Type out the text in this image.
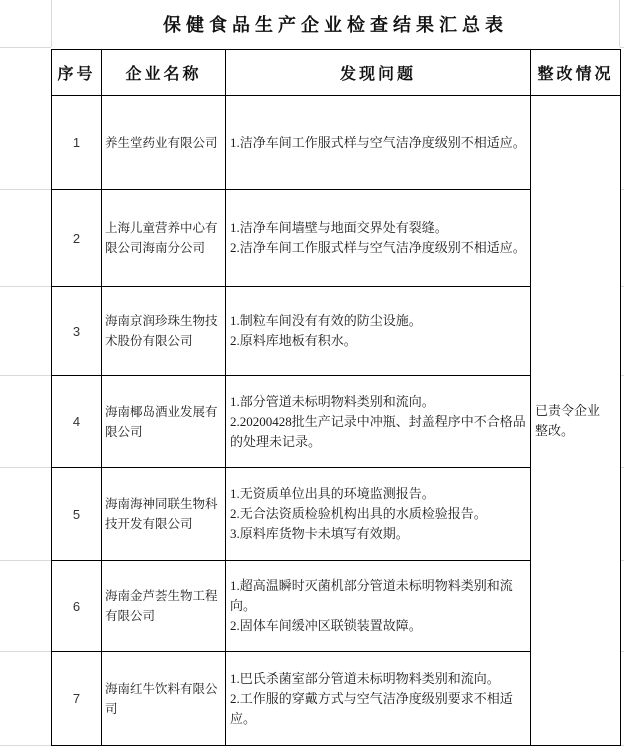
保健食品生产企业检查结果汇总表
序号	企业名称	发现问题	整改情况
1	养生堂药业有限公司	1.洁净车间工作服式样与空气洁净度级别不相适应。	已责令企业整改。
2	上海儿童营养中心有限公司海南分公司	1.洁净车间墙壁与地面交界处有裂缝。
2.洁净车间工作服式样与空气洁净度级别不相适应。	

3	海南京润珍珠生物技术股份有限公司	1.制粒车间没有有效的防尘设施。
2.原料库地板有积水。	

4	海南椰岛酒业发展有限公司	1.部分管道未标明物料类别和流向。
2.20200428批生产记录中冲瓶、封盖程序中不合格品的处理未记录。	

5	海南海神同联生物科技开发有限公司	1.无资质单位出具的环境监测报告。
2.无合法资质检验机构出具的水质检验报告。
3.原料库货物卡未填写有效期。	

6	海南金芦荟生物工程有限公司	1.超高温瞬时灭菌机部分管道未标明物料类别和流向。
2.固体车间缓冲区联锁装置故障。	

7	海南红牛饮料有限公司	1.巴氏杀菌室部分管道未标明物料类别和流向。
2.工作服的穿戴方式与空气洁净度级别要求不相适应。	
